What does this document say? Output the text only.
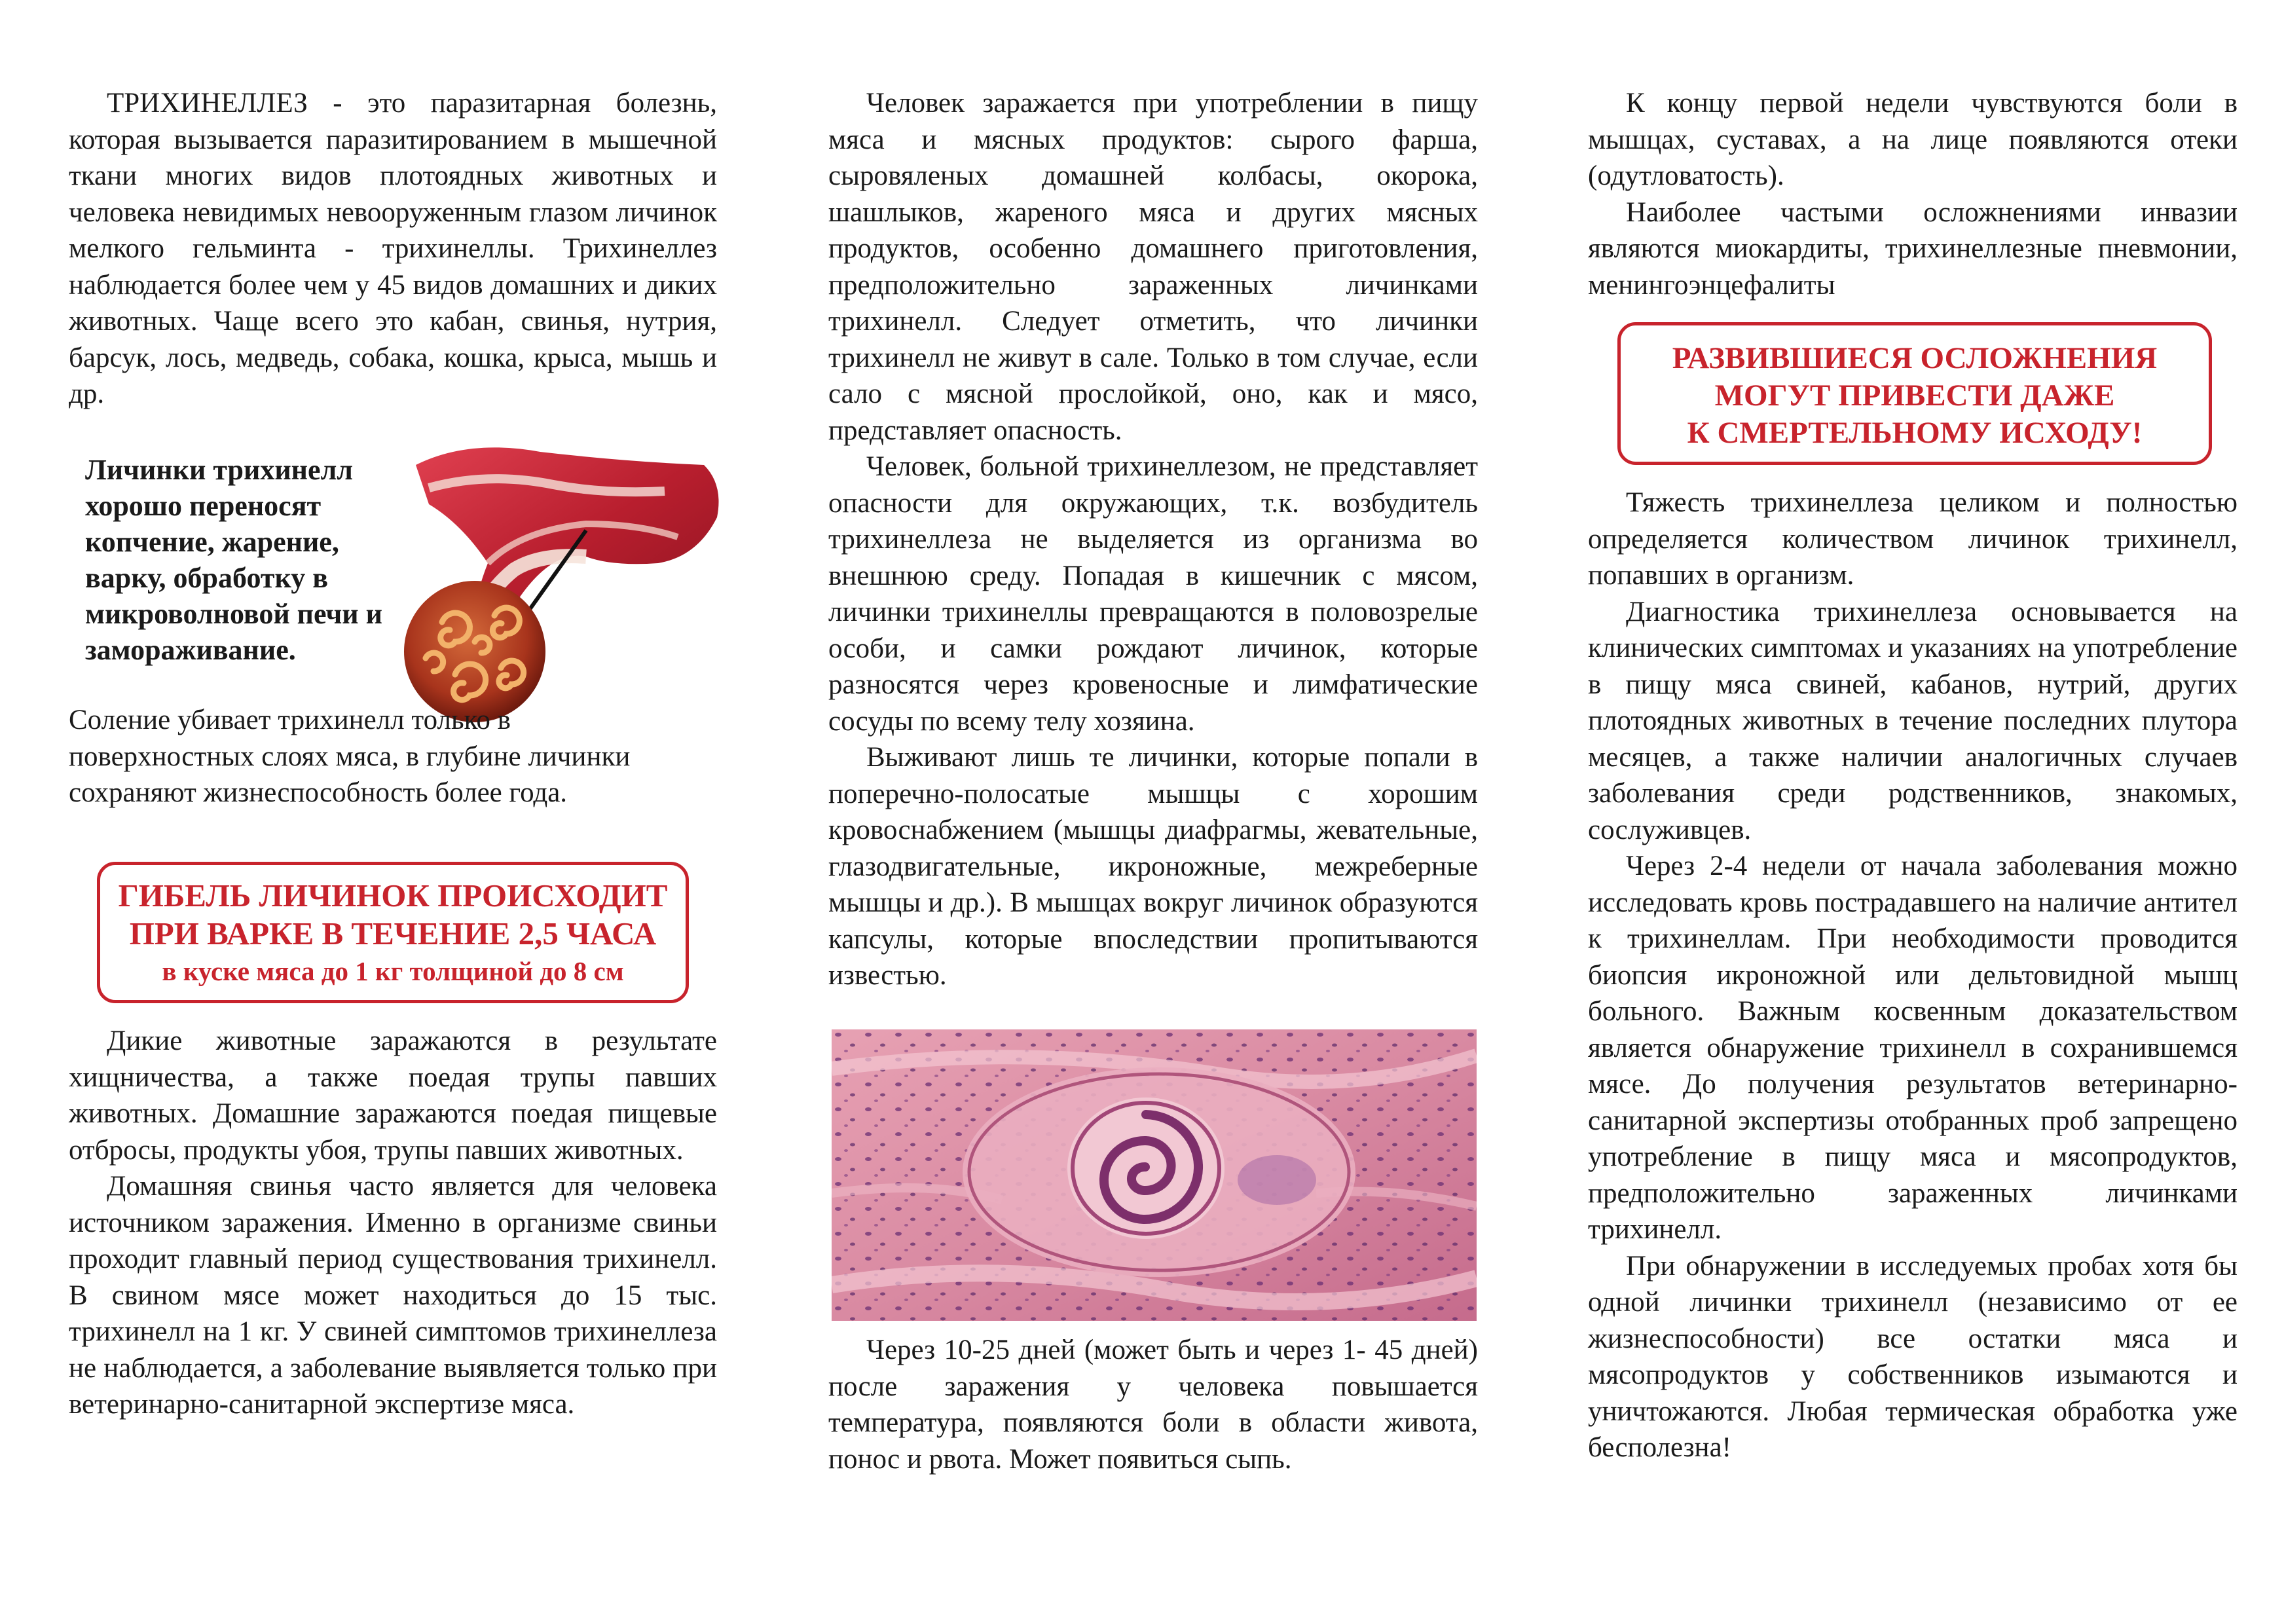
ТРИХИНЕЛЛЕЗ - это паразитарная болезнь, которая вызывается паразитированием в мышечной ткани многих видов плотоядных животных и человека невидимых невооруженным глазом личинок мелкого гельминта - трихинеллы. Трихинеллез наблюдается более чем у 45 видов домашних и диких животных. Чаще всего это кабан, свинья, нутрия, барсук, лось, медведь, собака, кошка, крыса, мышь и др.

Личинки трихинелл хорошо переносят копчение, жарение, варку, обработку в микроволновой печи и замораживание.
Соление убивает трихинелл только в поверхностных слоях мяса, в глубине личинки сохраняют жизнеспособность более года.
ГИБЕЛЬ ЛИЧИНОК ПРОИСХОДИТ
ПРИ ВАРКЕ В ТЕЧЕНИЕ 2,5 ЧАСА
в куске мяса до 1 кг толщиной до 8 см

Дикие животные заражаются в результате хищничества, а также поедая трупы павших животных. Домашние заражаются поедая пищевые отбросы, продукты убоя, трупы павших животных.

Домашняя свинья часто является для человека источником заражения. Именно в организме свиньи проходит главный период существования трихинелл. В свином мясе может находиться до 15 тыс. трихинелл на 1 кг. У свиней симптомов трихинеллеза не наблюдается, а заболевание выявляется только при ветеринарно-санитарной экспертизе мяса.

Человек заражается при употреблении в пищу мяса и мясных продуктов: сырого фарша, сыровяленых домашней колбасы, окорока, шашлыков, жареного мяса и других мясных продуктов, особенно домашнего приготовления, предположительно зараженных личинками трихинелл. Следует отметить, что личинки трихинелл не живут в сале. Только в том случае, если сало с мясной прослойкой, оно, как и мясо, представляет опасность.

Человек, больной трихинеллезом, не представляет опасности для окружающих, т.к. возбудитель трихинеллеза не выделяется из организма во внешнюю среду. Попадая в кишечник с мясом, личинки трихинеллы превращаются в половозрелые особи, и самки рождают личинок, которые разносятся через кровеносные и лимфатические сосуды по всему телу хозяина.

Выживают лишь те личинки, которые попали в поперечно-полосатые мышцы с хорошим кровоснабжением (мышцы диафрагмы, жевательные, глазодвигательные, икроножные, межреберные мышцы и др.). В мышцах вокруг личинок образуются капсулы, которые впоследствии пропитываются известью.

Через 10-25 дней (может быть и через 1- 45 дней) после заражения у человека повышается температура, появляются боли в области живота, понос и рвота. Может появиться сыпь.

К концу первой недели чувствуются боли в мышцах, суставах, а на лице появляются отеки (одутловатость).

Наиболее частыми осложнениями инвазии являются миокардиты, трихинеллезные пневмонии, менингоэнцефалиты

РАЗВИВШИЕСЯ ОСЛОЖНЕНИЯ
МОГУТ ПРИВЕСТИ ДАЖЕ
К СМЕРТЕЛЬНОМУ ИСХОДУ!

Тяжесть трихинеллеза целиком и полностью определяется количеством личинок трихинелл, попавших в организм.

Диагностика трихинеллеза основывается на клинических симптомах и указаниях на употребление в пищу мяса свиней, кабанов, нутрий, других плотоядных животных в течение последних плутора месяцев, а также наличии аналогичных случаев заболевания среди родственников, знакомых, сослуживцев.

Через 2-4 недели от начала заболевания можно исследовать кровь пострадавшего на наличие антител к трихинеллам. При необходимости проводится биопсия икроножной или дельтовидной мышц больного. Важным косвенным доказательством является обнаружение трихинелл в сохранившемся мясе. До получения результатов ветеринарно-санитарной экспертизы отобранных проб запрещено употребление в пищу мяса и мясопродуктов, предположительно зараженных личинками трихинелл.

При обнаружении в исследуемых пробах хотя бы одной личинки трихинелл (независимо от ее жизнеспособности) все остатки мяса и мясопродуктов у собственников изымаются и уничтожаются. Любая термическая обработка уже бесполезна!
